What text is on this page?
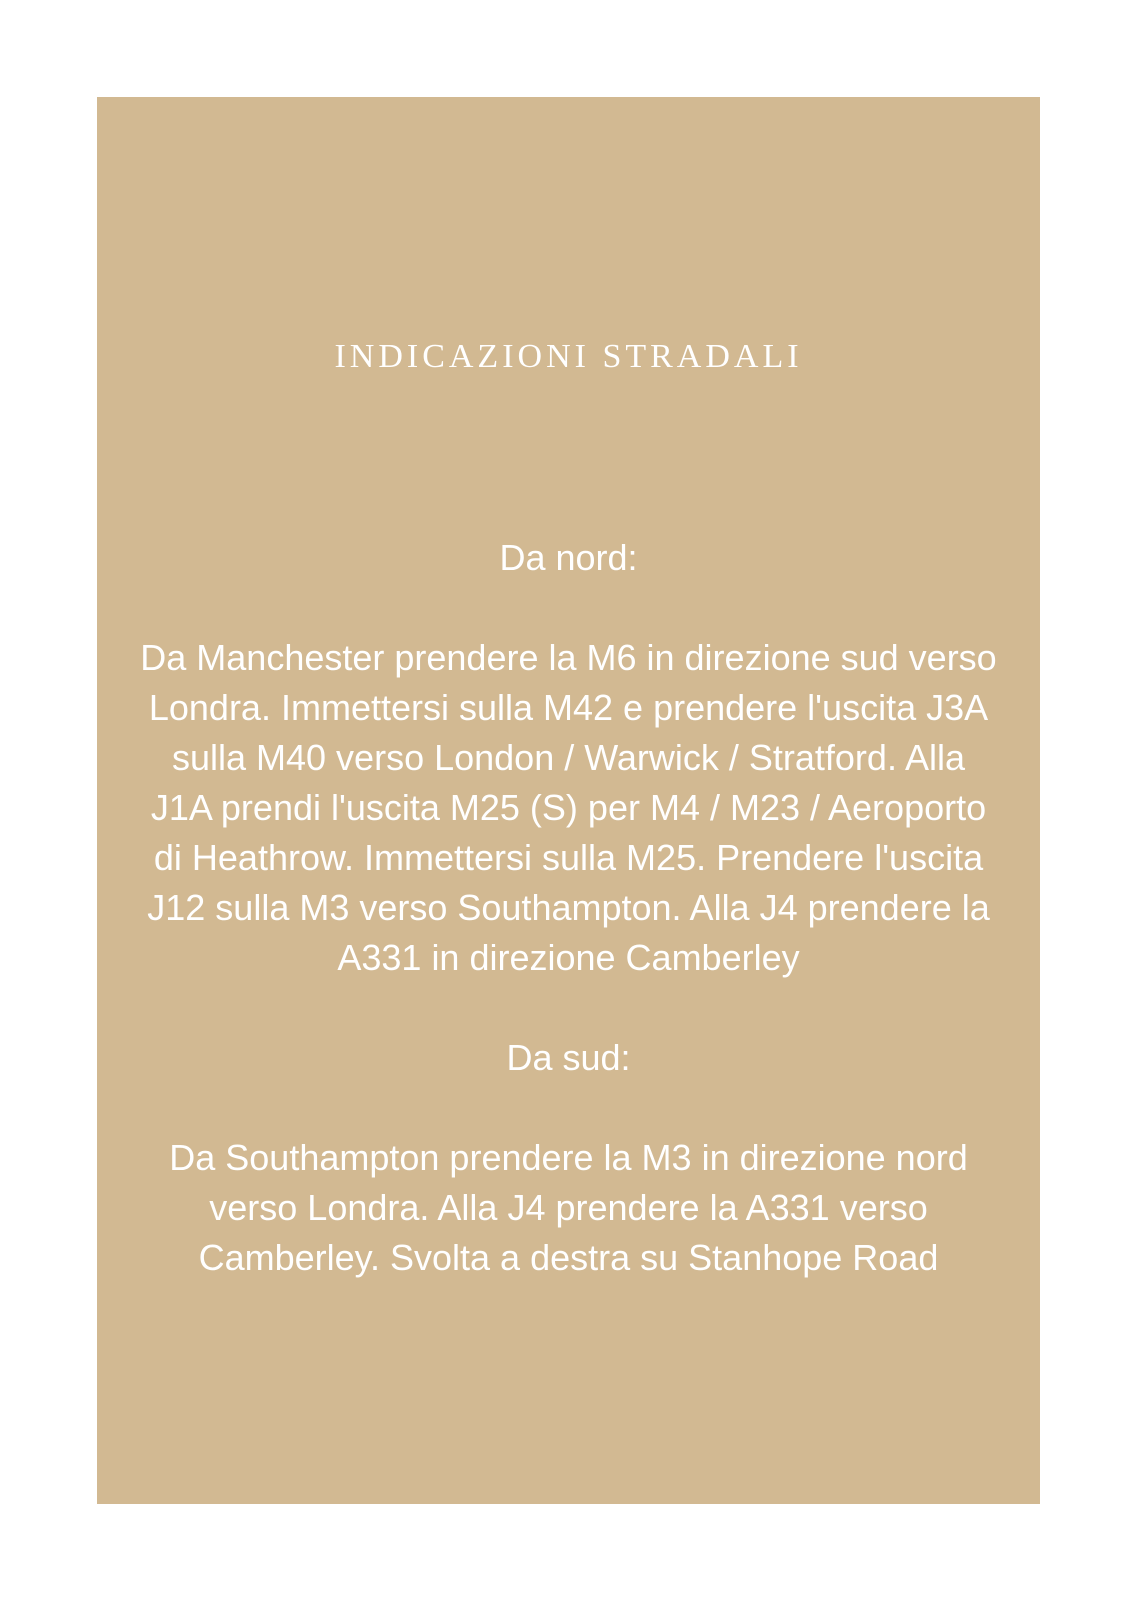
INDICAZIONI STRADALI

Da nord:

Da Manchester prendere la M6 in direzione sud verso Londra. Immettersi sulla M42 e prendere l'uscita J3A sulla M40 verso London / Warwick / Stratford. Alla J1A prendi l'uscita M25 (S) per M4 / M23 / Aeroporto di Heathrow. Immettersi sulla M25. Prendere l'uscita J12 sulla M3 verso Southampton. Alla J4 prendere la A331 in direzione Camberley

Da sud:

Da Southampton prendere la M3 in direzione nord verso Londra. Alla J4 prendere la A331 verso Camberley. Svolta a destra su Stanhope Road
